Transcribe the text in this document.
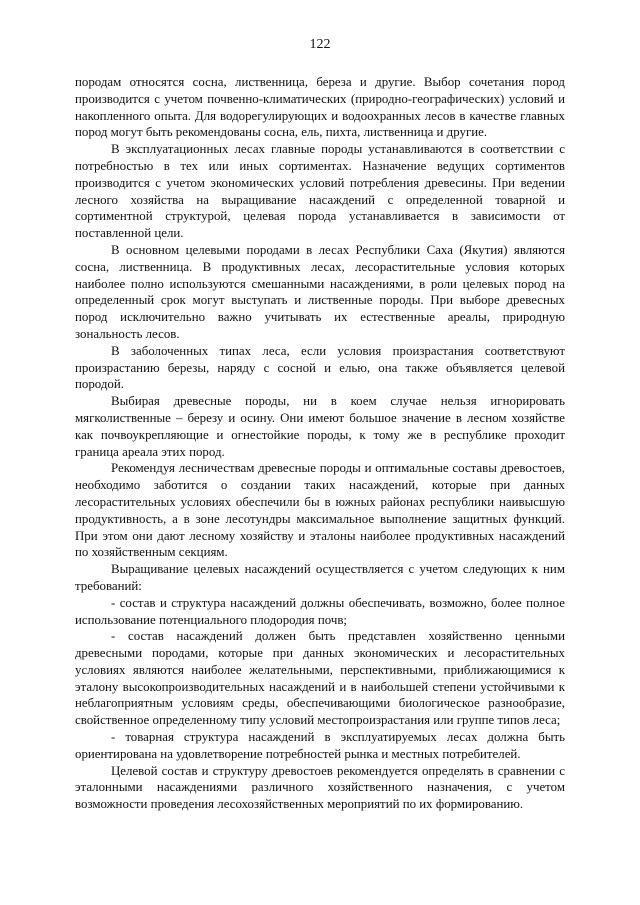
122

породам относятся сосна, лиственница, береза и другие. Выбор сочетания пород производится с учетом почвенно-климатических (природно-географических) условий и накопленного опыта. Для водорегулирующих и водоохранных лесов в качестве главных пород могут быть рекомендованы сосна, ель, пихта, лиственница и другие.

В эксплуатационных лесах главные породы устанавливаются в соответствии с потребностью в тех или иных сортиментах. Назначение ведущих сортиментов производится с учетом экономических условий потребления древесины. При ведении лесного хозяйства на выращивание насаждений с определенной товарной и сортиментной структурой, целевая порода устанавливается в зависимости от поставленной цели.

В основном целевыми породами в лесах Республики Саха (Якутия) являются сосна, лиственница. В продуктивных лесах, лесорастительные условия которых наиболее полно используются смешанными насаждениями, в роли целевых пород на определенный срок могут выступать и лиственные породы. При выборе древесных пород исключительно важно учитывать их естественные ареалы, природную зональность лесов.

В заболоченных типах леса, если условия произрастания соответствуют произрастанию березы, наряду с сосной и елью, она также объявляется целевой породой.

Выбирая древесные породы, ни в коем случае нельзя игнорировать мягколиственные – березу и осину. Они имеют большое значение в лесном хозяйстве как почвоукрепляющие и огнестойкие породы, к тому же в республике проходит граница ареала этих пород.

Рекомендуя лесничествам древесные породы и оптимальные составы древостоев, необходимо заботится о создании таких насаждений, которые при данных лесорастительных условиях обеспечили бы в южных районах республики наивысшую продуктивность, а в зоне лесотундры максимальное выполнение защитных функций. При этом они дают лесному хозяйству и эталоны наиболее продуктивных насаждений по хозяйственным секциям.

Выращивание целевых насаждений осуществляется с учетом следующих к ним требований:

- состав и структура насаждений должны обеспечивать, возможно, более полное использование потенциального плодородия почв;

- состав насаждений должен быть представлен хозяйственно ценными древесными породами, которые при данных экономических и лесорастительных условиях являются наиболее желательными, перспективными, приближающимися к эталону высокопроизводительных насаждений и в наибольшей степени устойчивыми к неблагоприятным условиям среды, обеспечивающими биологическое разнообразие, свойственное определенному типу условий местопроизрастания или группе типов леса;

- товарная структура насаждений в эксплуатируемых лесах должна быть ориентирована на удовлетворение потребностей рынка и местных потребителей.

Целевой состав и структуру древостоев рекомендуется определять в сравнении с эталонными насаждениями различного хозяйственного назначения, с учетом возможности проведения лесохозяйственных мероприятий по их формированию.
